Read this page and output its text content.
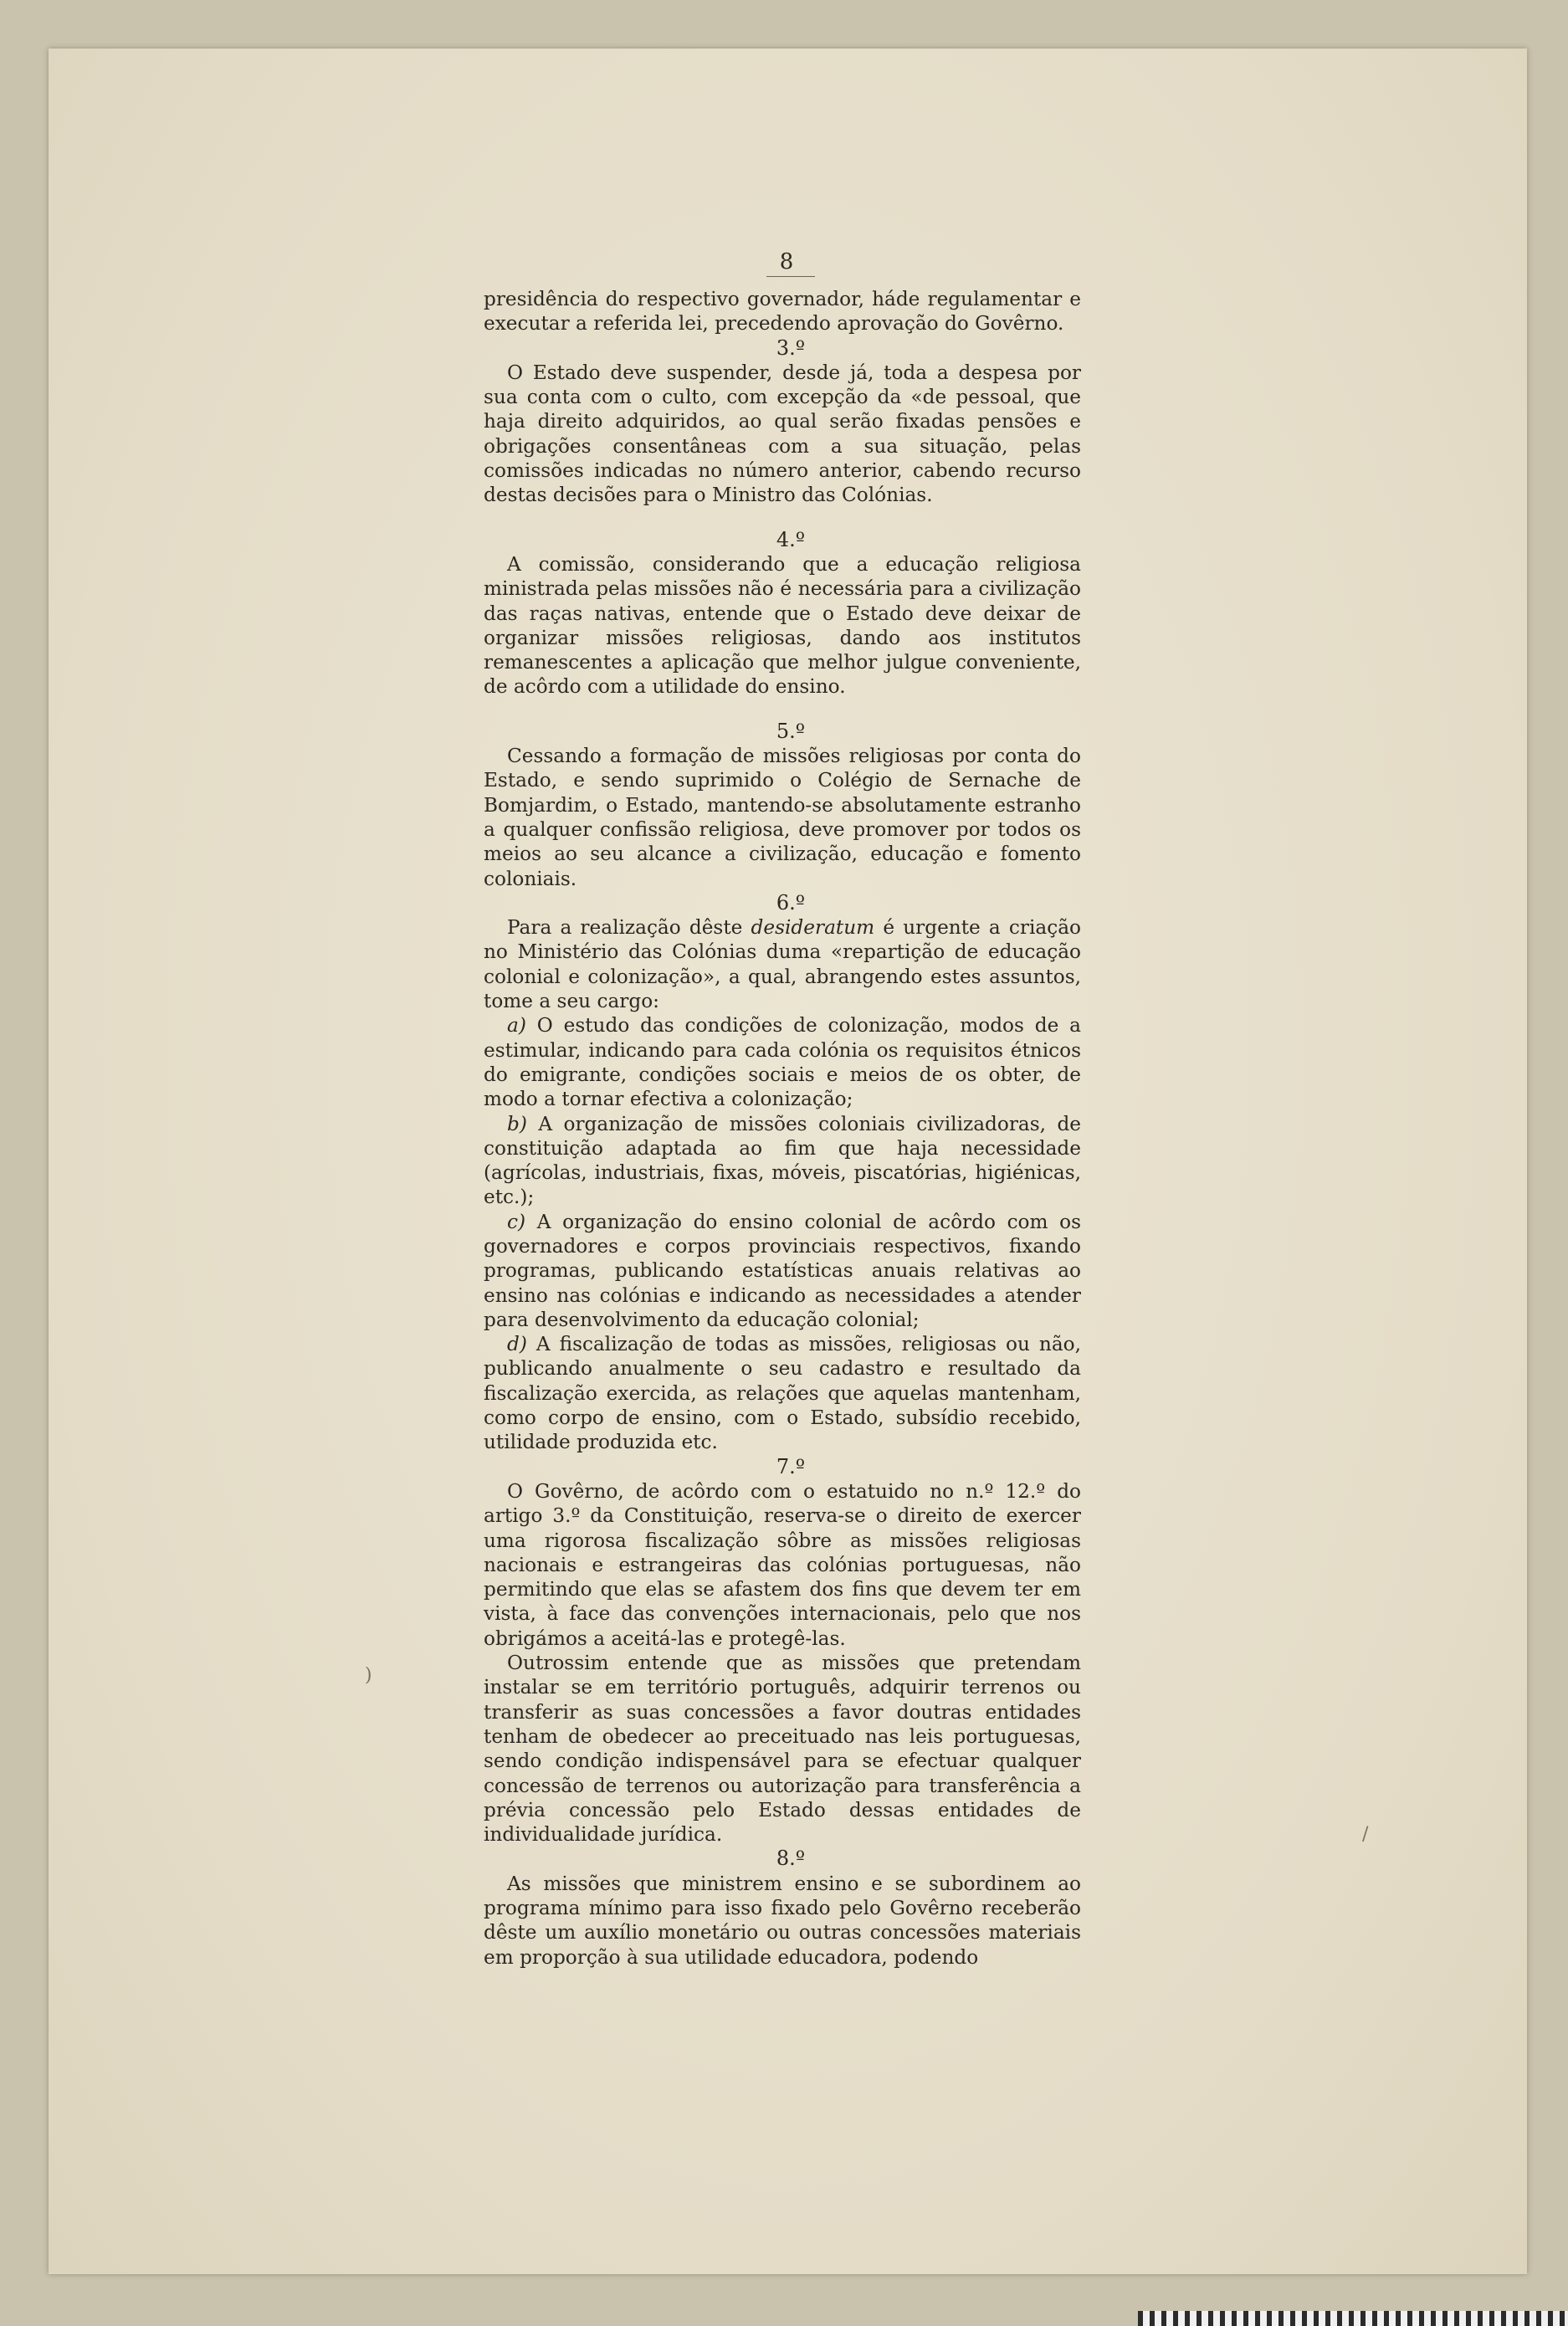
)
/
8

presidência do respectivo governador, háde regulamentar e executar a referida lei, precedendo aprovação do Govêrno.

3.º

O Estado deve suspender, desde já, toda a despesa por sua conta com o culto, com excepção da «de pessoal, que haja direito adquiridos, ao qual serão fixadas pensões e obrigações consentâneas com a sua situação, pelas comissões indicadas no número anterior, cabendo recurso destas decisões para o Ministro das Colónias.

4.º

A comissão, considerando que a educação religiosa ministrada pelas missões não é necessária para a civilização das raças nativas, entende que o Estado deve deixar de organizar missões religiosas, dando aos institutos remanescentes a aplicação que melhor julgue conveniente, de acôrdo com a utilidade do ensino.

5.º

Cessando a formação de missões religiosas por conta do Estado, e sendo suprimido o Colégio de Sernache de Bomjardim, o Estado, mantendo-se absolutamente estranho a qualquer confissão religiosa, deve promover por todos os meios ao seu alcance a civilização, educação e fomento coloniais.

6.º

Para a realização dêste desideratum é urgente a criação no Ministério das Colónias duma «repartição de educação colonial e colonização», a qual, abrangendo estes assuntos, tome a seu cargo:

a) O estudo das condições de colonização, modos de a estimular, indicando para cada colónia os requisitos étnicos do emigrante, condições sociais e meios de os obter, de modo a tornar efectiva a colonização;

b) A organização de missões coloniais civilizadoras, de constituição adaptada ao fim que haja necessidade (agrícolas, industriais, fixas, móveis, piscatórias, higiénicas, etc.);

c) A organização do ensino colonial de acôrdo com os governadores e corpos provinciais respectivos, fixando programas, publicando estatísticas anuais relativas ao ensino nas colónias e indicando as necessidades a atender para desenvolvimento da educação colonial;

d) A fiscalização de todas as missões, religiosas ou não, publicando anualmente o seu cadastro e resultado da fiscalização exercida, as relações que aquelas mantenham, como corpo de ensino, com o Estado, subsídio recebido, utilidade produzida etc.

7.º

O Govêrno, de acôrdo com o estatuido no n.º 12.º do artigo 3.º da Constituição, reserva-se o direito de exercer uma rigorosa fiscalização sôbre as missões religiosas nacionais e estrangeiras das colónias portuguesas, não permitindo que elas se afastem dos fins que devem ter em vista, à face das convenções internacionais, pelo que nos obrigámos a aceitá-las e protegê-las.

Outrossim entende que as missões que pretendam instalar se em território português, adquirir terrenos ou transferir as suas concessões a favor doutras entidades tenham de obedecer ao preceituado nas leis portuguesas, sendo condição indispensável para se efectuar qualquer concessão de terrenos ou autorização para transferência a prévia concessão pelo Estado dessas entidades de individualidade jurídica.

8.º

As missões que ministrem ensino e se subordinem ao programa mínimo para isso fixado pelo Govêrno receberão dêste um auxílio monetário ou outras concessões materiais em proporção à sua utilidade educadora, podendo
